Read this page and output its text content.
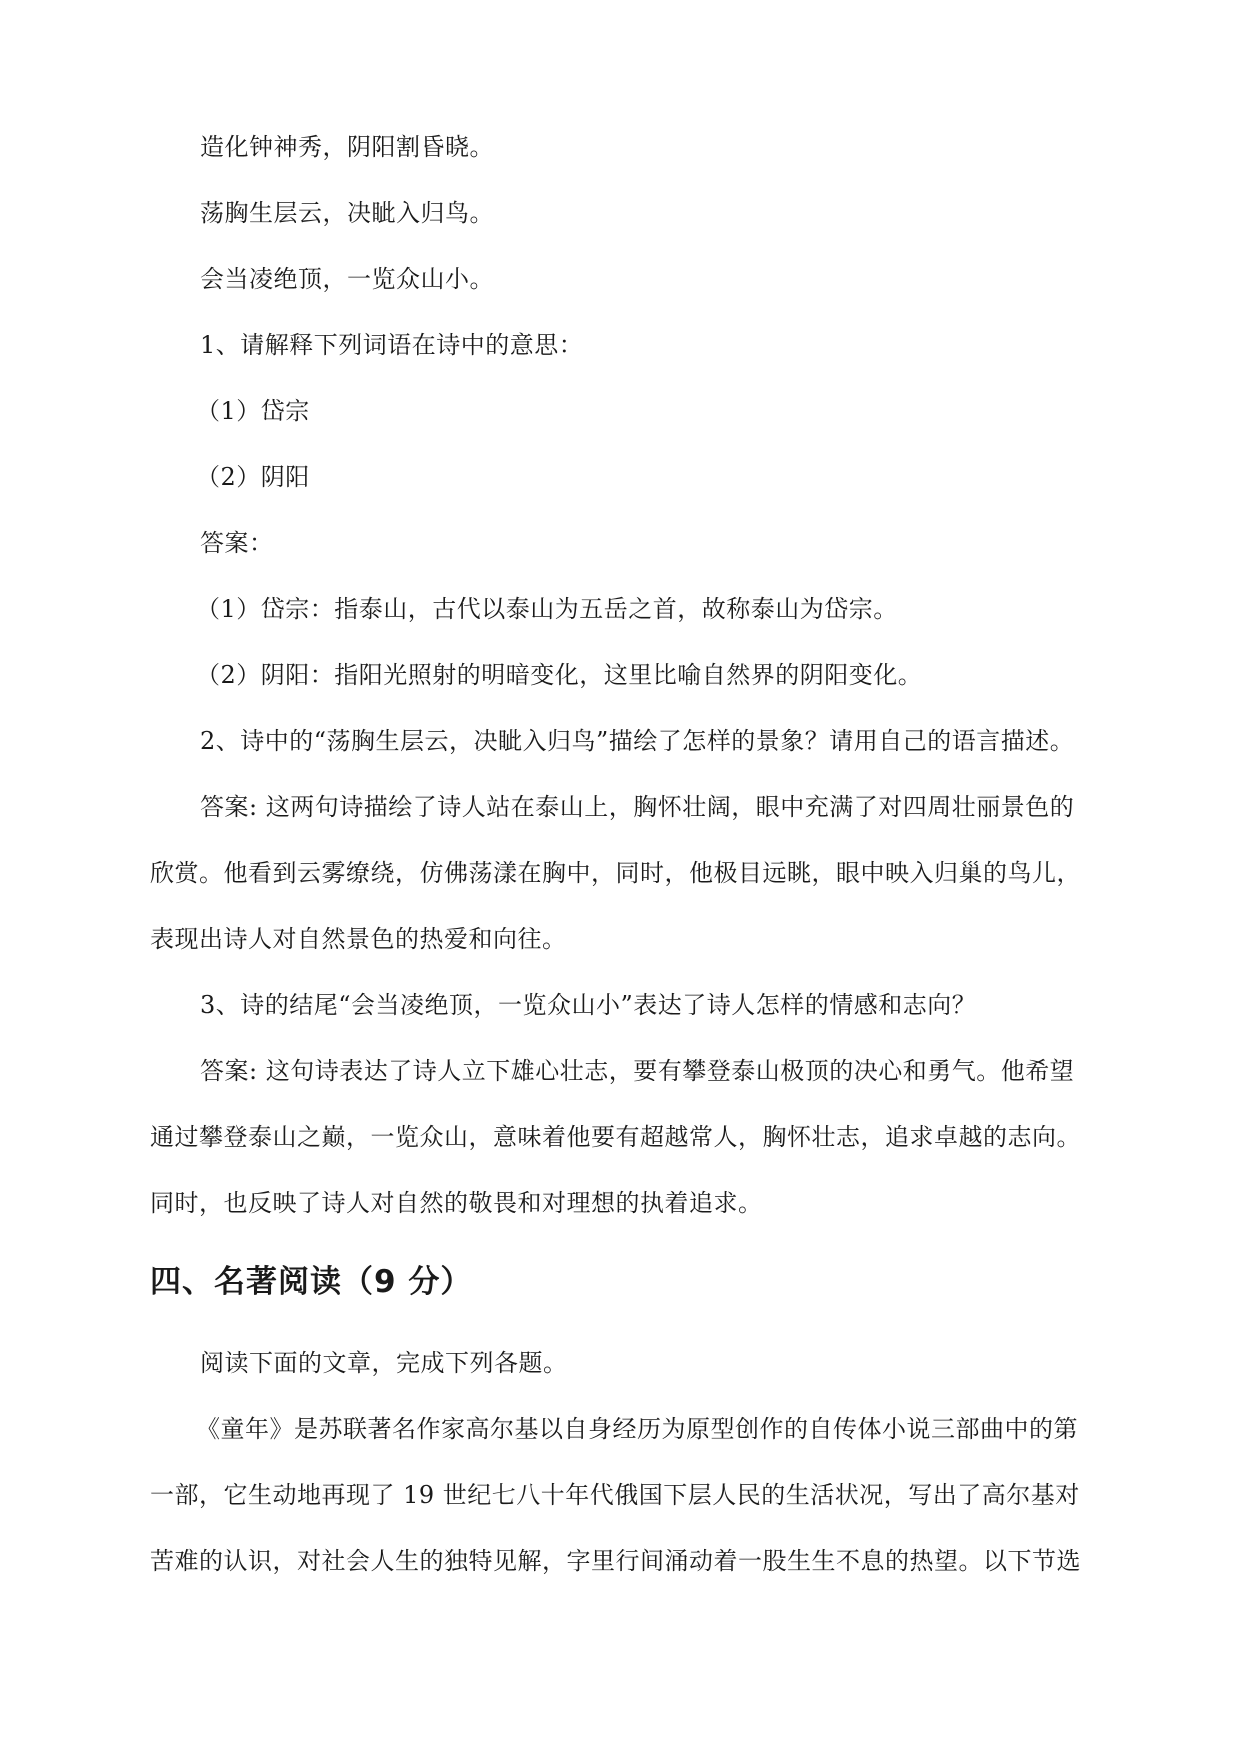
造化钟神秀，阴阳割昏晓。
荡胸生层云，决眦入归鸟。
会当凌绝顶，一览众山小。
1、请解释下列词语在诗中的意思：
（1）岱宗
（2）阴阳
答案：
（1）岱宗：指泰山，古代以泰山为五岳之首，故称泰山为岱宗。
（2）阴阳：指阳光照射的明暗变化，这里比喻自然界的阴阳变化。
2、诗中的“荡胸生层云，决眦入归鸟”描绘了怎样的景象？请用自己的语言描述。
答案: 这两句诗描绘了诗人站在泰山上，胸怀壮阔，眼中充满了对四周壮丽景色的
欣赏。他看到云雾缭绕，仿佛荡漾在胸中，同时，他极目远眺，眼中映入归巢的鸟儿，
表现出诗人对自然景色的热爱和向往。
3、诗的结尾“会当凌绝顶，一览众山小”表达了诗人怎样的情感和志向？
答案: 这句诗表达了诗人立下雄心壮志，要有攀登泰山极顶的决心和勇气。他希望
通过攀登泰山之巅，一览众山，意味着他要有超越常人，胸怀壮志，追求卓越的志向。
同时，也反映了诗人对自然的敬畏和对理想的执着追求。
四、名著阅读（9 分）
阅读下面的文章，完成下列各题。
《童年》是苏联著名作家高尔基以自身经历为原型创作的自传体小说三部曲中的第
一部，它生动地再现了 19 世纪七八十年代俄国下层人民的生活状况，写出了高尔基对
苦难的认识，对社会人生的独特见解，字里行间涌动着一股生生不息的热望。以下节选
